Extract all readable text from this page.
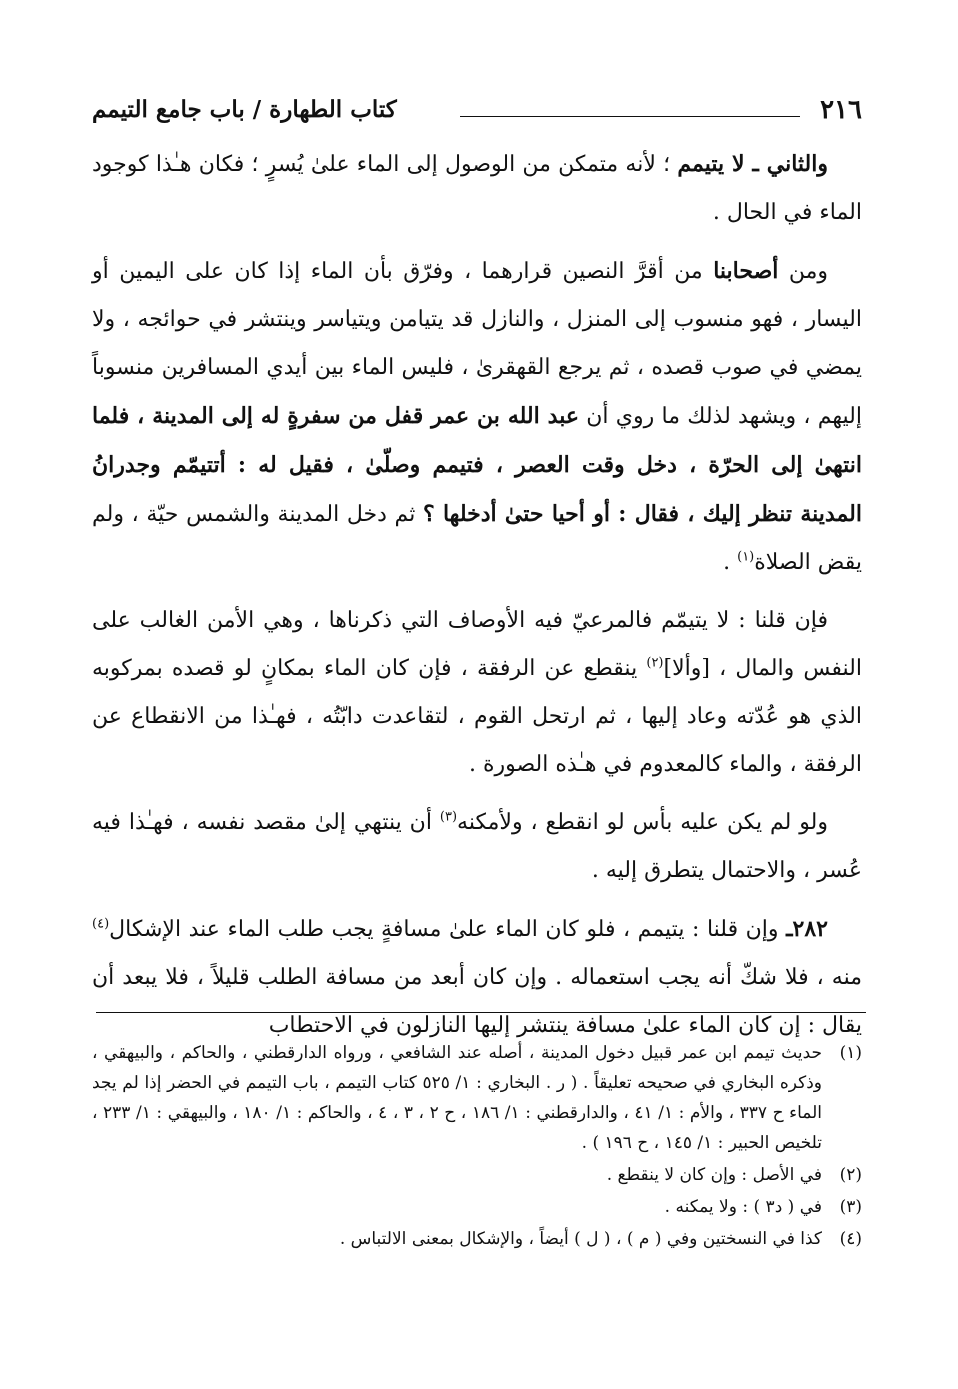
٢١٦
كتاب الطهارة / باب جامع التيمم

والثاني ـ لا يتيمم ؛ لأنه متمكن من الوصول إلى الماء علىٰ يُسرٍ ؛ فكان هـٰذا كوجود الماء في الحال .

ومن أصحابنا من أقرَّ النصين قرارهما ، وفرّق بأن الماء إذا كان على اليمين أو اليسار ، فهو منسوب إلى المنزل ، والنازل قد يتيامن ويتياسر وينتشر في حوائجه ، ولا يمضي في صوب قصده ، ثم يرجع القهقرىٰ ، فليس الماء بين أيدي المسافرين منسوباً إليهم ، ويشهد لذلك ما روي أن عبد الله بن عمر قفل من سفرةٍ له إلى المدينة ، فلما انتهىٰ إلى الحرّة ، دخل وقت العصر ، فتيمم وصلّىٰ ، فقيل له : أتتيمّم وجدرانُ المدينة تنظر إليك ، فقال : أو أحيا حتىٰ أدخلها ؟ ثم دخل المدينة والشمس حيّة ، ولم يقض الصلاة$^{(١)}$ .

فإن قلنا : لا يتيمّم فالمرعيّ فيه الأوصاف التي ذكرناها ، وهي الأمن الغالب على النفس والمال ، [وألا]$^{(٢)}$ ينقطع عن الرفقة ، فإن كان الماء بمكانٍ لو قصده بمركوبه الذي هو عُدّته وعاد إليها ، ثم ارتحل القوم ، لتقاعدت دابّتُه ، فهـٰذا من الانقطاع عن الرفقة ، والماء كالمعدوم في هـٰذه الصورة .

ولو لم يكن عليه بأس لو انقطع ، ولأمكنه$^{(٣)}$ أن ينتهي إلىٰ مقصد نفسه ، فهـٰذا فيه عُسر ، والاحتمال يتطرق إليه .

٢٨٢ـ وإن قلنا : يتيمم ، فلو كان الماء علىٰ مسافةٍ يجب طلب الماء عند الإشكال$^{(٤)}$ منه ، فلا شكّ أنه يجب استعماله . وإن كان أبعد من مسافة الطلب قليلاً ، فلا يبعد أن يقال : إن كان الماء علىٰ مسافة ينتشر إليها النازلون في الاحتطاب

(١)
حديث تيمم ابن عمر قبيل دخول المدينة ، أصله عند الشافعي ، ورواه الدارقطني ، والحاكم ، والبيهقي ، وذكره البخاري في صحيحه تعليقاً . ( ر . البخاري : ١/ ٥٢٥ كتاب التيمم ، باب التيمم في الحضر إذا لم يجد الماء ح ٣٣٧ ، والأم : ١/ ٤١ ، والدارقطني : ١/ ١٨٦ ، ح ٢ ، ٣ ، ٤ ، والحاكم : ١/ ١٨٠ ، والبيهقي : ١/ ٢٣٣ ، تلخيص الحبير : ١/ ١٤٥ ، ح ١٩٦ ) .
(٢)
في الأصل : وإن كان لا ينقطع .
(٣)
في ( د٣ ) : ولا يمكنه .
(٤)
كذا في النسختين وفي ( م ) ، ( ل ) أيضاً ، والإشكال بمعنى الالتباس .
